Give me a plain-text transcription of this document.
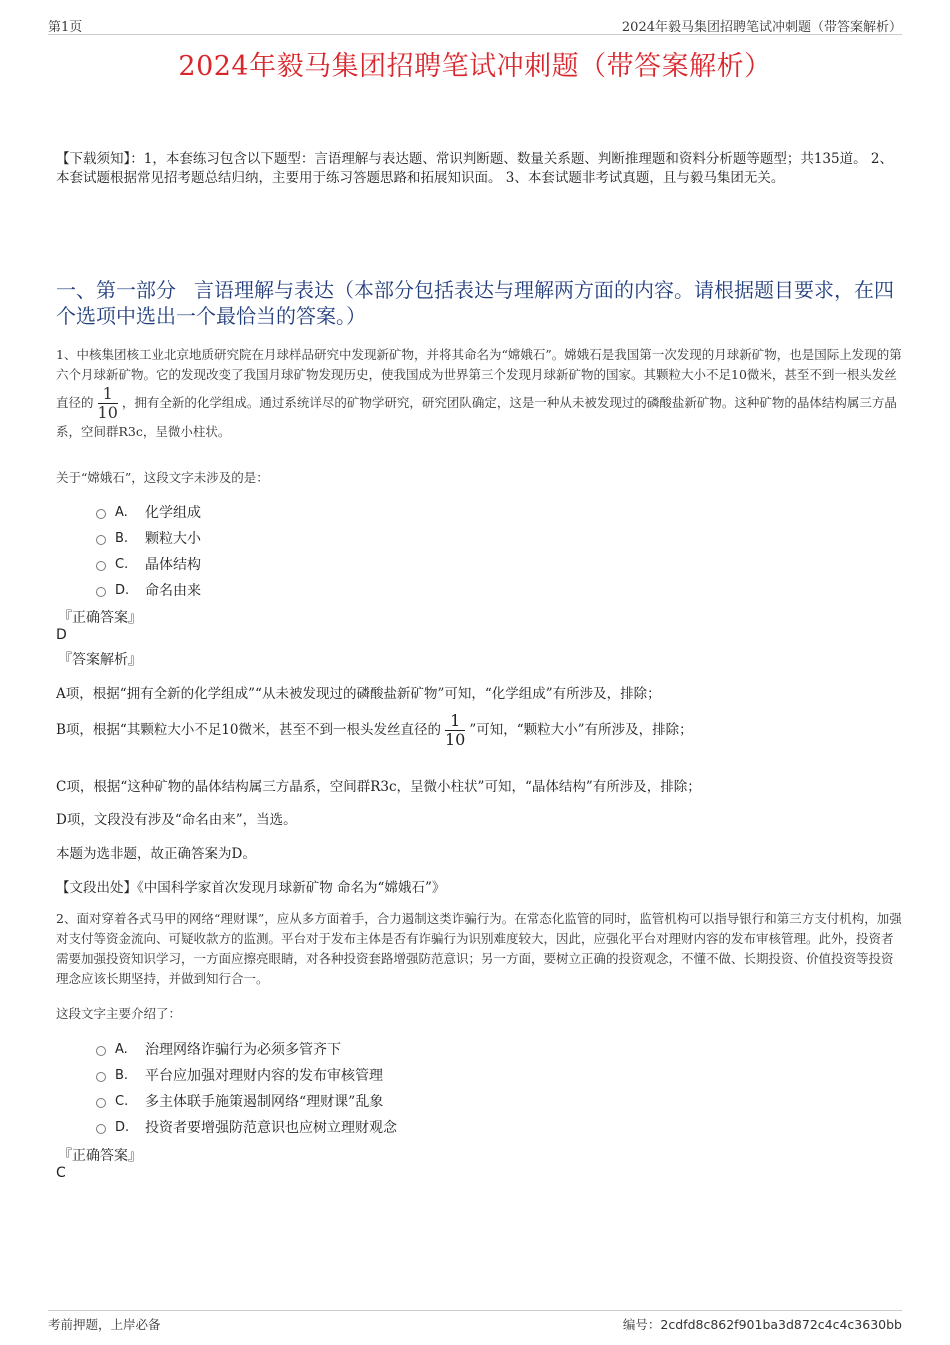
第1页	2024年毅马集团招聘笔试冲刺题（带答案解析）
2024年毅马集团招聘笔试冲刺题（带答案解析）
【下载须知】：1，本套练习包含以下题型：言语理解与表达题、常识判断题、数量关系题、判断推理题和资料分析题等题型；共135道。 2、本套试题根据常见招考题总结归纳，主要用于练习答题思路和拓展知识面。 3、本套试题非考试真题，且与毅马集团无关。
一、第一部分 言语理解与表达（本部分包括表达与理解两方面的内容。请根据题目要求，在四个选项中选出一个最恰当的答案。）
1、中核集团核工业北京地质研究院在月球样品研究中发现新矿物，并将其命名为“嫦娥石”。嫦娥石是我国第一次发现的月球新矿物，也是国际上发现的第六个月球新矿物。它的发现改变了我国月球矿物发现历史，使我国成为世界第三个发现月球新矿物的国家。其颗粒大小不足10微米，甚至不到一根头发丝直径的 $\frac{1}{10}$ ，拥有全新的化学组成。通过系统详尽的矿物学研究，研究团队确定，这是一种从未被发现过的磷酸盐新矿物。这种矿物的晶体结构属三方晶系，空间群R3c，呈微小柱状。
关于“嫦娥石”，这段文字未涉及的是：
A.	化学组成
B.	颗粒大小
C.	晶体结构
D.	命名由来
『正确答案』
D
『答案解析』
A项，根据“拥有全新的化学组成”“从未被发现过的磷酸盐新矿物”可知，“化学组成”有所涉及，排除；
B项，根据“其颗粒大小不足10微米，甚至不到一根头发丝直径的 $\frac{1}{10}$ ”可知，“颗粒大小”有所涉及，排除；
C项，根据“这种矿物的晶体结构属三方晶系，空间群R3c，呈微小柱状”可知，“晶体结构”有所涉及，排除；
D项，文段没有涉及“命名由来”，当选。
本题为选非题，故正确答案为D。
【文段出处】《中国科学家首次发现月球新矿物 命名为“嫦娥石”》
2、面对穿着各式马甲的网络“理财课”，应从多方面着手，合力遏制这类诈骗行为。在常态化监管的同时，监管机构可以指导银行和第三方支付机构，加强对支付等资金流向、可疑收款方的监测。平台对于发布主体是否有诈骗行为识别难度较大，因此，应强化平台对理财内容的发布审核管理。此外，投资者需要加强投资知识学习，一方面应擦亮眼睛，对各种投资套路增强防范意识；另一方面，要树立正确的投资观念，不懂不做、长期投资、价值投资等投资理念应该长期坚持，并做到知行合一。
这段文字主要介绍了：
A.	治理网络诈骗行为必须多管齐下
B.	平台应加强对理财内容的发布审核管理
C.	多主体联手施策遏制网络“理财课”乱象
D.	投资者要增强防范意识也应树立理财观念
『正确答案』
C
考前押题，上岸必备	编号：2cdfd8c862f901ba3d872c4c4c3630bb
